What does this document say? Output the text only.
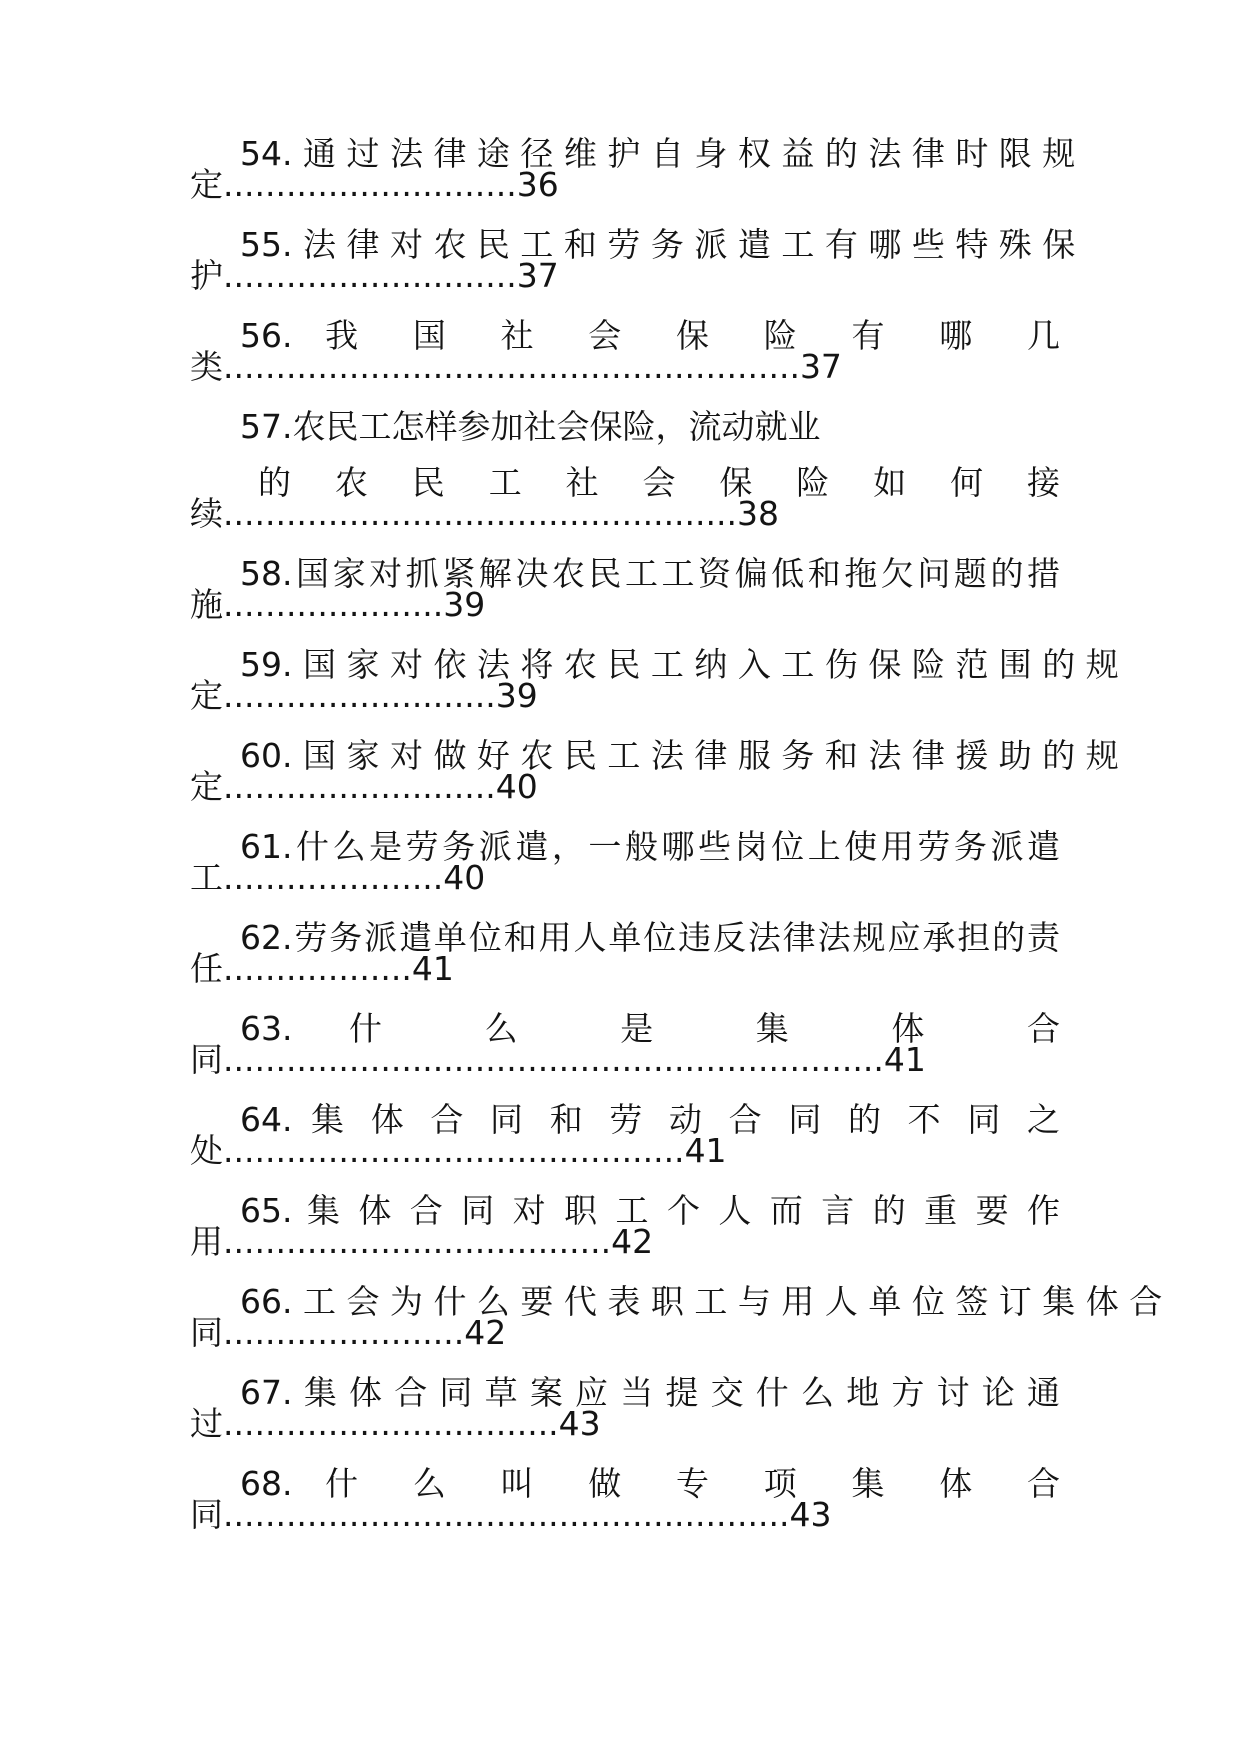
54. 通 过 法 律 途 径 维 护 自 身 权 益 的 法 律 时 限 规
定............................36
55. 法 律 对 农 民 工 和 劳 务 派 遣 工 有 哪 些 特 殊 保
护............................37
56. 我 国 社 会 保 险 有 哪 几
类.......................................................37
57.农民工怎样参加社会保险，流动就业
的 农 民 工 社 会 保 险 如 何 接
续.................................................38
58.国家对抓紧解决农民工工资偏低和拖欠问题的措
施.....................39
59. 国 家 对 依 法 将 农 民 工 纳 入 工 伤 保 险 范 围 的 规
定..........................39
60. 国 家 对 做 好 农 民 工 法 律 服 务 和 法 律 援 助 的 规
定..........................40
61.什么是劳务派遣，一般哪些岗位上使用劳务派遣
工.....................40
62.劳务派遣单位和用人单位违反法律法规应承担的责
任..................41
63. 什 么 是 集 体 合
同...............................................................41
64. 集 体 合 同 和 劳 动 合 同 的 不 同 之
处............................................41
65. 集 体 合 同 对 职 工 个 人 而 言 的 重 要 作
用.....................................42
66. 工 会 为 什 么 要 代 表 职 工 与 用 人 单 位 签 订 集 体 合
同.......................42
67. 集 体 合 同 草 案 应 当 提 交 什 么 地 方 讨 论 通
过................................43
68. 什 么 叫 做 专 项 集 体 合
同......................................................43
